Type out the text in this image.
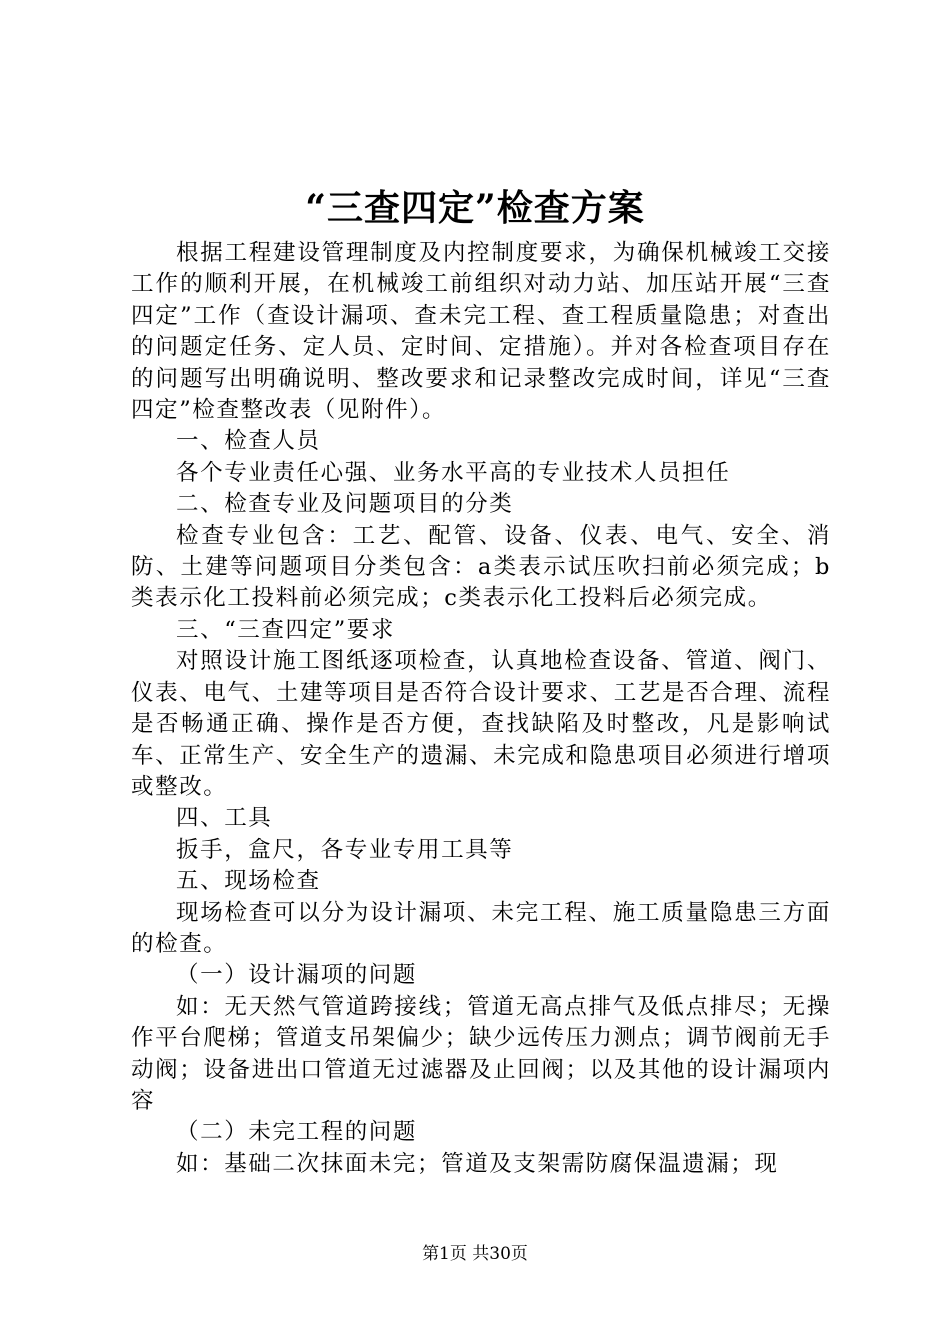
“三查四定”检查方案

根据工程建设管理制度及内控制度要求，为确保机械竣工交接工作的顺利开展，在机械竣工前组织对动力站、加压站开展“三查四定”工作（查设计漏项、查未完工程、查工程质量隐患；对查出的问题定任务、定人员、定时间、定措施）。并对各检查项目存在的问题写出明确说明、整改要求和记录整改完成时间，详见“三查四定”检查整改表（见附件）。

一、检查人员

各个专业责任心强、业务水平高的专业技术人员担任

二、检查专业及问题项目的分类

检查专业包含：工艺、配管、设备、仪表、电气、安全、消防、土建等问题项目分类包含：a类表示试压吹扫前必须完成；b类表示化工投料前必须完成；c类表示化工投料后必须完成。

三、“三查四定”要求

对照设计施工图纸逐项检查，认真地检查设备、管道、阀门、仪表、电气、土建等项目是否符合设计要求、工艺是否合理、流程是否畅通正确、操作是否方便，查找缺陷及时整改，凡是影响试车、正常生产、安全生产的遗漏、未完成和隐患项目必须进行增项或整改。

四、工具

扳手，盒尺，各专业专用工具等

五、现场检查

现场检查可以分为设计漏项、未完工程、施工质量隐患三方面的检查。

（一）设计漏项的问题

如：无天然气管道跨接线；管道无高点排气及低点排尽；无操作平台爬梯；管道支吊架偏少；缺少远传压力测点；调节阀前无手动阀；设备进出口管道无过滤器及止回阀；以及其他的设计漏项内容

（二）未完工程的问题

如：基础二次抹面未完；管道及支架需防腐保温遗漏；现

第1页 共30页
